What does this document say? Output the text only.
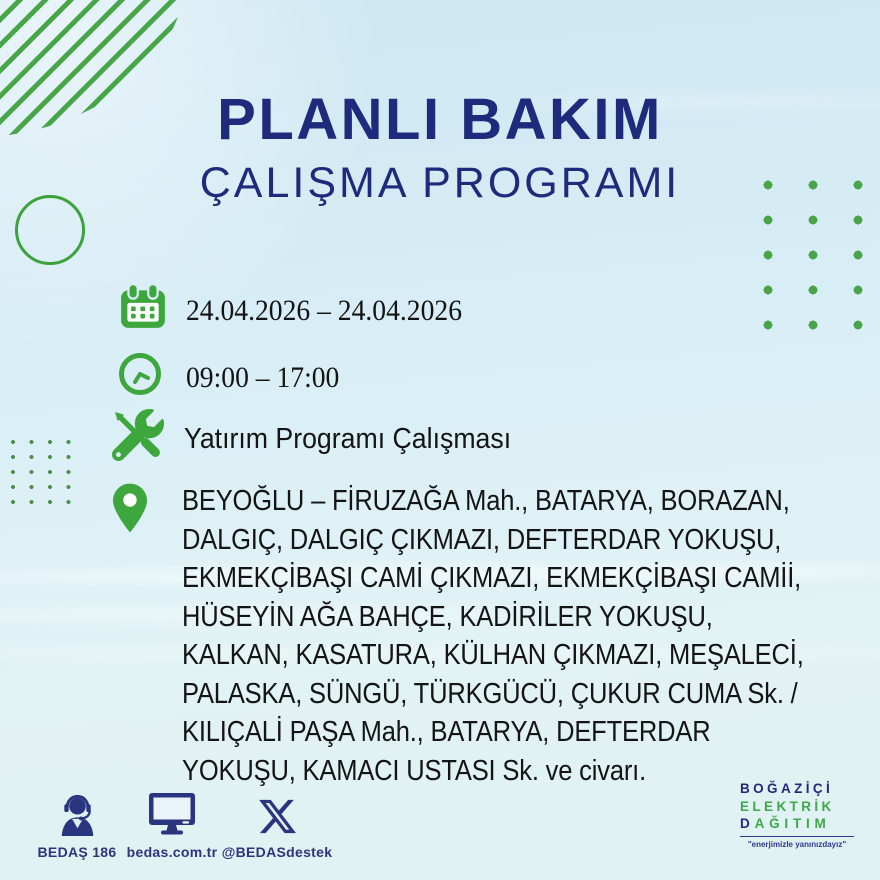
PLANLI BAKIM
ÇALIŞMA PROGRAMI
24.04.2026 – 24.04.2026
09:00 – 17:00
Yatırım Programı Çalışması
BEYOĞLU – FİRUZAĞA Mah., BATARYA, BORAZAN,
DALGIÇ, DALGIÇ ÇIKMAZI, DEFTERDAR YOKUŞU,
EKMEKÇİBAŞI CAMİ ÇIKMAZI, EKMEKÇİBAŞI CAMİİ,
HÜSEYİN AĞA BAHÇE, KADİRİLER YOKUŞU,
KALKAN, KASATURA, KÜLHAN ÇIKMAZI, MEŞALECİ,
PALASKA, SÜNGÜ, TÜRKGÜCÜ, ÇUKUR CUMA Sk. /
KILIÇALİ PAŞA Mah., BATARYA, DEFTERDAR
YOKUŞU, KAMACI USTASI Sk. ve civarı.
BEDAŞ 186 bedas.com.tr @BEDASdestek
BOĞAZİÇİ
ELEKTRİK
DAĞITIM
"enerjimizle yanınızdayız"
